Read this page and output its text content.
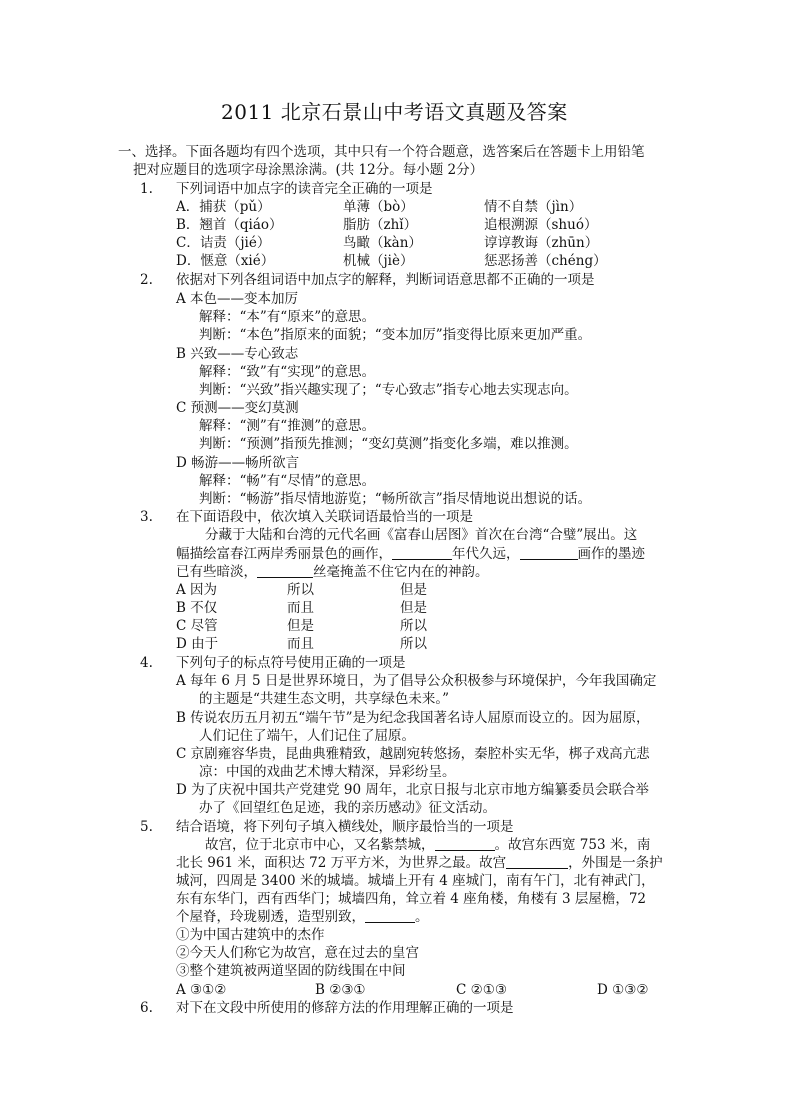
2011 北京石景山中考语文真题及答案
一、选择。下面各题均有四个选项，其中只有一个符合题意，选答案后在答题卡上用铅笔
把对应题目的选项字母涂黑涂满。(共 12分。每小题 2分）
1. 下列词语中加点字的读音完全正确的一项是
A．捕获（pǔ）	单薄（bò）	情不自禁（jìn）
B．翘首（qiáo）	脂肪（zhǐ）	追根溯源（shuó）
C．诘责（jié）	鸟瞰（kàn）	谆谆教诲（zhūn）
D．惬意（xié）	机械（jiè）	惩恶扬善（chéng）
2. 依据对下列各组词语中加点字的解释，判断词语意思都不正确的一项是
A 本色——变本加厉
解释：“本”有“原来”的意思。
判断：“本色”指原来的面貌；“变本加厉”指变得比原来更加严重。
B 兴致——专心致志
解释：“致”有“实现”的意思。
判断：“兴致”指兴趣实现了；“专心致志”指专心地去实现志向。
C 预测——变幻莫测
解释：“测”有“推测”的意思。
判断：“预测”指预先推测；“变幻莫测”指变化多端，难以推测。
D 畅游——畅所欲言
解释：“畅”有“尽情”的意思。
判断：“畅游”指尽情地游览；“畅所欲言”指尽情地说出想说的话。
3. 在下面语段中，依次填入关联词语最恰当的一项是
分藏于大陆和台湾的元代名画《富春山居图》首次在台湾“合璧”展出。这
幅描绘富春江两岸秀丽景色的画作，	年代久远，	画作的墨迹
已有些暗淡，	丝毫掩盖不住它内在的神韵。
A 因为	所以	但是
B 不仅	而且	但是
C 尽管	但是	所以
D 由于	而且	所以
4. 下列句子的标点符号使用正确的一项是
A 每年 6 月 5 日是世界环境日，为了倡导公众积极参与环境保护，今年我国确定
的主题是“共建生态文明，共享绿色未来。”
B 传说农历五月初五“端午节”是为纪念我国著名诗人屈原而设立的。因为屈原，
人们记住了端午，人们记住了屈原。
C 京剧雍容华贵，昆曲典雅精致，越剧宛转悠扬，秦腔朴实无华，梆子戏高亢悲
凉：中国的戏曲艺术博大精深，异彩纷呈。
D 为了庆祝中国共产党建党 90 周年，北京日报与北京市地方编纂委员会联合举
办了《回望红色足迹，我的亲历感动》征文活动。
5. 结合语境，将下列句子填入横线处，顺序最恰当的一项是
故宫，位于北京市中心，又名紫禁城，	。故宫东西宽 753 米，南
北长 961 米，面积达 72 万平方米，为世界之最。故宫	，外围是一条护
城河，四周是 3400 米的城墙。城墙上开有 4 座城门，南有午门，北有神武门，
东有东华门，西有西华门；城墙四角，耸立着 4 座角楼，角楼有 3 层屋檐，72
个屋脊，玲珑剔透，造型别致，	。
①为中国古建筑中的杰作
②今天人们称它为故宫，意在过去的皇宫
③整个建筑被两道坚固的防线围在中间
A ③①②	B ②③①	C ②①③	D ①③②
6. 对下在文段中所使用的修辞方法的作用理解正确的一项是
